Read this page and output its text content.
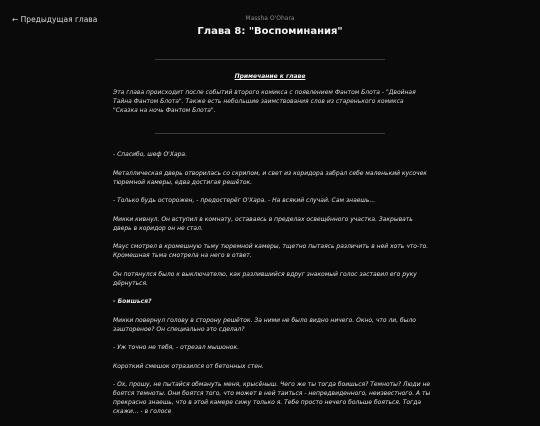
← Предыдущая глава	Massha O'Ohara
Глава 8: "Воспоминания"
Примечание к главе

Эта глава происходит после событий второго комикса с появлением Фантом Блота - "Двойная Тайна Фантом Блота". Также есть небольшие заимствования слов из старенького комикса "Сказка на ночь Фантом Блота".

- Спасибо, шеф О'Хара.

Металлическая дверь отворилась со скрипом, и свет из коридора забрал себе маленький кусочек тюремной камеры, едва достигая решёток.

- Только будь осторожен, - предостерёг О'Хара. - На всякий случай. Сам знаешь...

Микки кивнул. Он вступил в комнату, оставаясь в пределах освещённого участка. Закрывать дверь в коридор он не стал.

Маус смотрел в кромешную тьму тюремной камеры, тщетно пытаясь различить в ней хоть что-то. Кромешная тьма смотрела на него в ответ.

Он потянулся было к выключателю, как разлившийся вдруг знакомый голос заставил его руку дёрнуться.

- Боишься?

Микки повернул голову в сторону решёток. За ними не было видно ничего. Окно, что ли, было заштореноe? Он специально это сделал?

- Уж точно не тебя, - отрезал мышонок.

Короткий смешок отразился от бетонных стен.

- Ох, прошу, не пытайся обмануть меня, крысёныш. Чего же ты тогда боишься? Темноты? Люди не боятся темноты. Они боятся того, что может в ней таиться - непредвиденного, неизвестного. А ты прекрасно знаешь, что в этой камере сижу только я. Тебе просто нечего больше бояться. Тогда скажи... - в голосе
